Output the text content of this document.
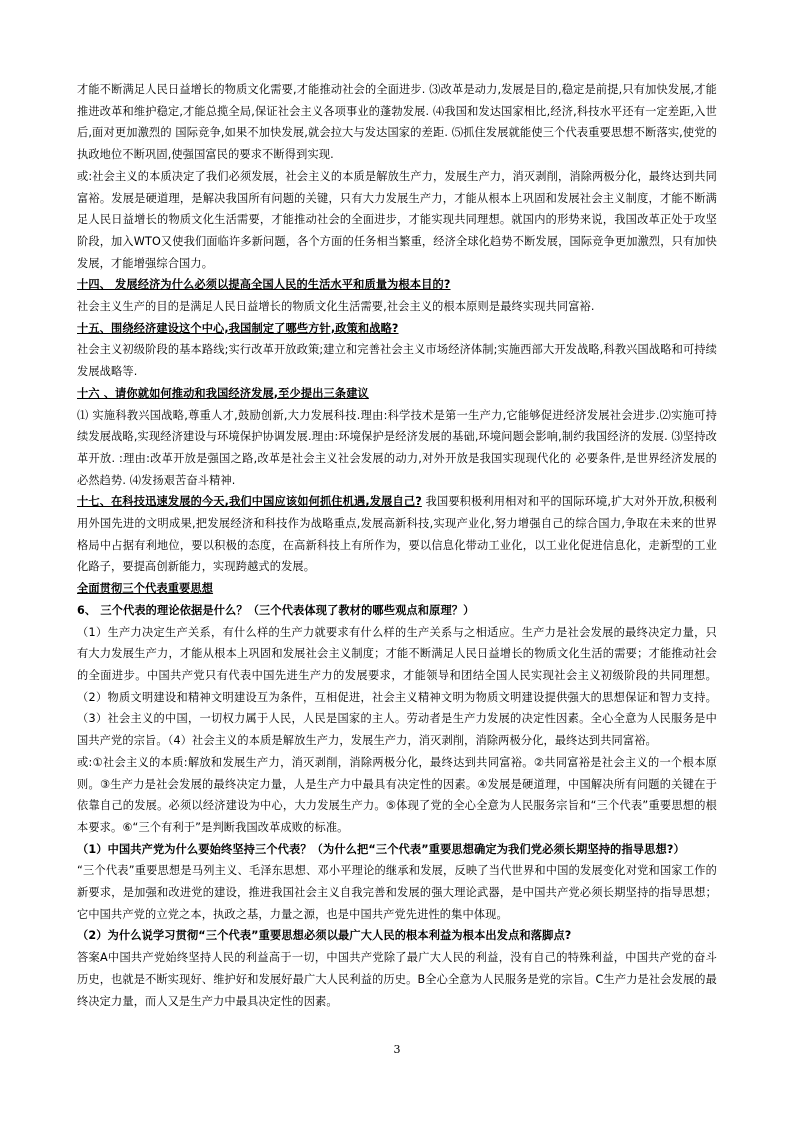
才能不断满足人民日益增长的物质文化需要,才能推动社会的全面进步. ⑶改革是动力,发展是目的,稳定是前提,只有加快发展,才能推进改革和维护稳定,才能总揽全局,保证社会主义各项事业的蓬勃发展. ⑷我国和发达国家相比,经济,科技水平还有一定差距,入世后,面对更加激烈的 国际竞争,如果不加快发展,就会拉大与发达国家的差距. ⑸抓住发展就能使三个代表重要思想不断落实,使党的执政地位不断巩固,使强国富民的要求不断得到实现.

或:社会主义的本质决定了我们必须发展，社会主义的本质是解放生产力，发展生产力，消灭剥削，消除两极分化，最终达到共同富裕。发展是硬道理，是解决我国所有问题的关键，只有大力发展生产力，才能从根本上巩固和发展社会主义制度，才能不断满足人民日益增长的物质文化生活需要，才能推动社会的全面进步，才能实现共同理想。就国内的形势来说，我国改革正处于攻坚阶段，加入WTO又使我们面临许多新问题，各个方面的任务相当繁重，经济全球化趋势不断发展，国际竞争更加激烈，只有加快发展，才能增强综合国力。

十四、 发展经济为什么必须以提高全国人民的生活水平和质量为根本目的?

社会主义生产的目的是满足人民日益增长的物质文化生活需要,社会主义的根本原则是最终实现共同富裕.

十五、围绕经济建设这个中心,我国制定了哪些方针,政策和战略?

社会主义初级阶段的基本路线;实行改革开放政策;建立和完善社会主义市场经济体制;实施西部大开发战略,科教兴国战略和可持续发展战略等.

十六 、请你就如何推动和我国经济发展,至少提出三条建议

⑴ 实施科教兴国战略,尊重人才,鼓励创新,大力发展科技.理由:科学技术是第一生产力,它能够促进经济发展社会进步.⑵实施可持续发展战略,实现经济建设与环境保护协调发展.理由:环境保护是经济发展的基础,环境问题会影响,制约我国经济的发展. ⑶坚持改革开放. :理由:改革开放是强国之路,改革是社会主义社会发展的动力,对外开放是我国实现现代化的 必要条件,是世界经济发展的必然趋势. ⑷发扬艰苦奋斗精神.

十七、在科技迅速发展的今天,我们中国应该如何抓住机遇,发展自己? 我国要积极利用相对和平的国际环境,扩大对外开放,积极利用外国先进的文明成果,把发展经济和科技作为战略重点,发展高新科技,实现产业化,努力增强自己的综合国力,争取在未来的世界格局中占据有利地位，要以积极的态度，在高新科技上有所作为，要以信息化带动工业化，以工业化促进信息化，走新型的工业化路子，要提高创新能力，实现跨越式的发展。

全面贯彻三个代表重要思想

6、 三个代表的理论依据是什么？（三个代表体现了教材的哪些观点和原理？）

（1）生产力决定生产关系，有什么样的生产力就要求有什么样的生产关系与之相适应。生产力是社会发展的最终决定力量，只有大力发展生产力，才能从根本上巩固和发展社会主义制度；才能不断满足人民日益增长的物质文化生活的需要；才能推动社会的全面进步。中国共产党只有代表中国先进生产力的发展要求，才能领导和团结全国人民实现社会主义初级阶段的共同理想。（2）物质文明建设和精神文明建设互为条件，互相促进，社会主义精神文明为物质文明建设提供强大的思想保证和智力支持。（3）社会主义的中国，一切权力属于人民，人民是国家的主人。劳动者是生产力发展的决定性因素。全心全意为人民服务是中国共产党的宗旨。（4）社会主义的本质是解放生产力，发展生产力，消灭剥削，消除两极分化，最终达到共同富裕。

或:①社会主义的本质:解放和发展生产力，消灭剥削，消除两极分化，最终达到共同富裕。②共同富裕是社会主义的一个根本原则。③生产力是社会发展的最终决定力量，人是生产力中最具有决定性的因素。④发展是硬道理，中国解决所有问题的关键在于依靠自己的发展。必须以经济建设为中心，大力发展生产力。⑤体现了党的全心全意为人民服务宗旨和“三个代表”重要思想的根本要求。⑥“三个有利于”是判断我国改革成败的标准。

（1）中国共产党为什么要始终坚持三个代表？（为什么把“三个代表”重要思想确定为我们党必须长期坚持的指导思想?）

“三个代表”重要思想是马列主义、毛泽东思想、邓小平理论的继承和发展，反映了当代世界和中国的发展变化对党和国家工作的新要求，是加强和改进党的建设，推进我国社会主义自我完善和发展的强大理论武器，是中国共产党必须长期坚持的指导思想；它中国共产党的立党之本，执政之基，力量之源，也是中国共产党先进性的集中体现。

（2）为什么说学习贯彻“三个代表”重要思想必须以最广大人民的根本利益为根本出发点和落脚点?

答案A中国共产党始终坚持人民的利益高于一切，中国共产党除了最广大人民的利益，没有自己的特殊利益，中国共产党的奋斗历史，也就是不断实现好、维护好和发展好最广大人民利益的历史。B全心全意为人民服务是党的宗旨。C生产力是社会发展的最终决定力量，而人又是生产力中最具决定性的因素。

3
